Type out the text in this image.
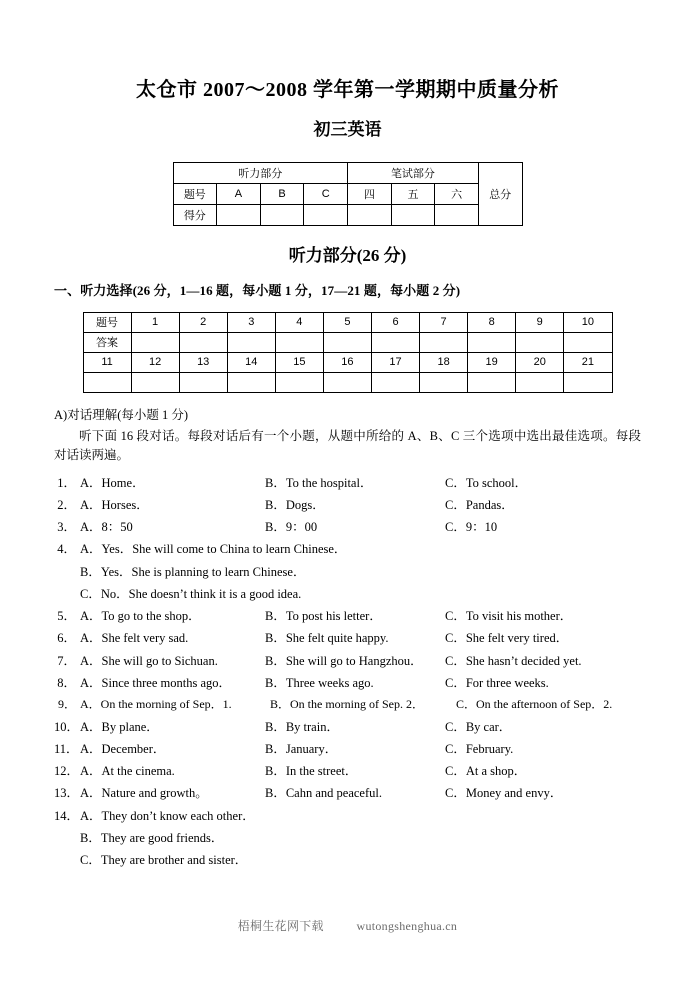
太仓市 2007～2008 学年第一学期期中质量分析
初三英语
听力部分				笔试部分			总分
题号	A	B	C	四	五	六	
得分							
听力部分(26 分)

一、听力选择(26 分，1—16 题，每小题 1 分，17—21 题，每小题 2 分)

题号	1	2	3	4	5	6	7	8	9	10
答案										
11	12	13	14	15	16	17	18	19	20	21

A)对话理解(每小题 1 分)

听下面 16 段对话。每段对话后有一个小题，从题中所给的 A、B、C 三个选项中选出最佳选项。每段对话读两遍。

1． A．Home．	B．To the hospital．	C．To school．
2． A．Horses．	B．Dogs．	C．Pandas．
3． A．8：50	B．9：00	C．9：10
4． A．Yes．She will come to China to learn Chinese．
B．Yes．She is planning to learn Chinese．
C．No．She doesn’t think it is a good idea.
5． A．To go to the shop．	B．To post his letter．	C．To visit his mother．
6． A．She felt very sad.	B．She felt quite happy.	C．She felt very tired．
7． A．She will go to Sichuan.	B．She will go to Hangzhou．	C．She hasn’t decided yet.
8． A．Since three months ago．	B．Three weeks ago.	C．For three weeks.
9． A．On the morning of Sep．1.	B．On the morning of Sep. 2．	C．On the afternoon of Sep．2.
10． A．By plane．	B．By train．	C．By car．
11． A．December．	B．January．	C．February.
12． A．At the cinema.	B．In the street．	C．At a shop．
13． A．Nature and growth。	B．Cahn and peaceful.	C．Money and envy．
14． A．They don’t know each other．
B．They are good friends．
C．They are brother and sister．
梧桐生花网下载	wutongshenghua.cn
